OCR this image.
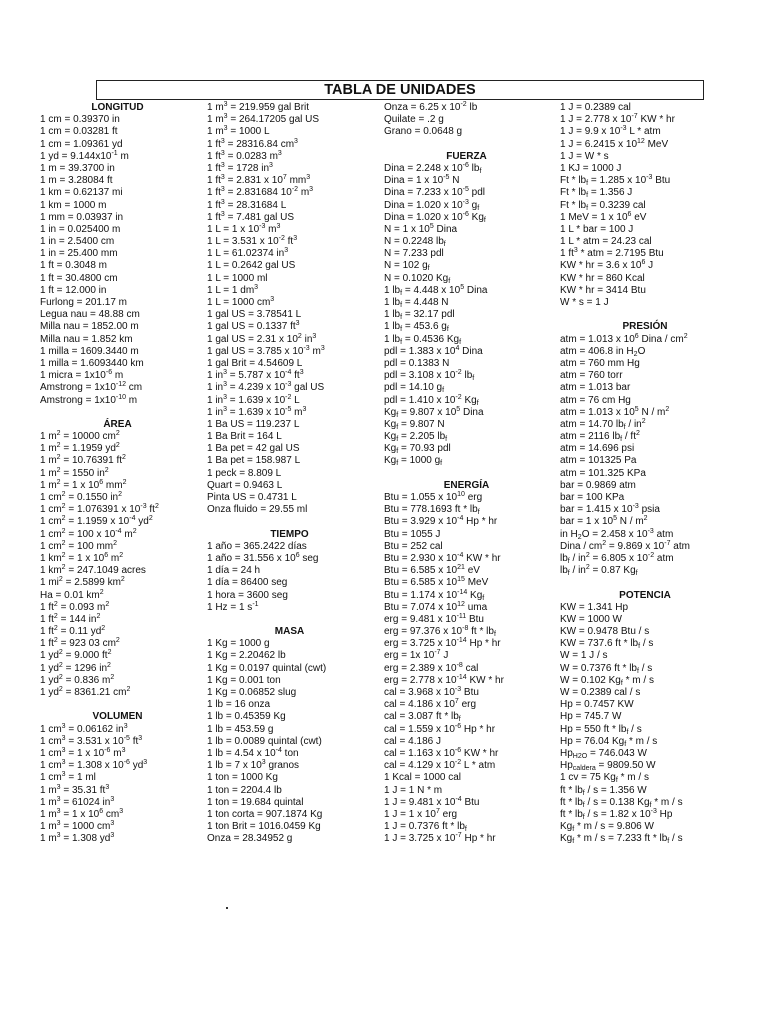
TABLA DE UNIDADES
LONGITUD
1 cm = 0.39370 in
1 cm = 0.03281 ft
1 cm = 1.09361 yd
1 yd = $9.144x10^{-1}$ m
1 m = 39.3700 in
1 m = 3.28084 ft
1 km = 0.62137 mi
1 km = 1000 m
1 mm = 0.03937 in
1 in = 0.025400 m
1 in = 2.5400 cm
1 in = 25.400 mm
1 ft = 0.3048 m
1 ft = 30.4800 cm
1 ft = 12.000 in
Furlong = 201.17 m
Legua nau = 48.88 cm
Milla nau = 1852.00 m
Milla nau = 1.852 km
1 milla = 1609.3440 m
1 milla = 1.6093440 km
1 micra = $1x10^{-6}$ m
Amstrong = $1x10^{-12}$ cm
Amstrong = $1x10^{-10}$ m
ÁREA
1 $m^2 = 10000$ $cm^2$
1 $m^2 = 1.1959$ $yd^2$
1 $m^2 = 10.76391$ $ft^2$
1 $m^2 = 1550$ $in^2$
1 $m^2 = 1$ x $10^6$ $mm^2$
1 $cm^2 = 0.1550$ $in^2$
1 $cm^2 = 1.076391$ x $10^{-3}$ $ft^2$
1 $cm^2 = 1.1959$ x $10^{-4}$ $yd^2$
1 $cm^2 = 100$ x $10^{-4}$ $m^2$
1 $cm^2 = 100$ $mm^2$
1 $km^2 = 1$ x $10^6$ $m^2$
1 $km^2 = 247.1049$ acres
1 $mi^2 = 2.5899$ $km^2$
Ha = 0.01 $km^2$
1 $ft^2 = 0.093$ $m^2$
1 $ft^2 = 144$ $in^2$
1 $ft^2 = 0.11$ $yd^2$
1 $ft^2 = 923$ 03 $cm^2$
1 $yd^2 = 9.000$ $ft^2$
1 $yd^2 = 1296$ $in^2$
1 $yd^2 = 0.836$ $m^2$
1 $yd^2 = 8361.21$ $cm^2$
VOLUMEN
1 $cm^3 = 0.06162$ $in^3$
1 $cm^3 = 3.531$ x $10^{-5}$ $ft^3$
1 $cm^3 = 1$ x $10^{-6}$ $m^3$
1 $cm^3 = 1.308$ x $10^{-6}$ $yd^3$
1 $cm^3 = 1$ ml
1 $m^3 = 35.31$ $ft^3$
1 $m^3 = 61024$ $in^3$
1 $m^3 = 1$ x $10^6$ $cm^3$
1 $m^3 = 1000$ $cm^3$
1 $m^3 = 1.308$ $yd^3$
1 $m^3 = 219.959$ gal Brit
1 $m^3 = 264.17205$ gal US
1 $m^3 = 1000$ L
1 $ft^3 = 28316.84$ $cm^3$
1 $ft^3 = 0.0283$ $m^3$
1 $ft^3 = 1728$ $in^3$
1 $ft^3 = 2.831$ x $10^7$ $mm^3$
1 $ft^3 = 2.831684$ $10^{-2}$ $m^3$
1 $ft^3 = 28.31684$ L
1 $ft^3 = 7.481$ gal US
1 L = 1 x $10^{-3}$ $m^3$
1 L = 3.531 x $10^{-2}$ $ft^3$
1 L = 61.02374 $in^3$
1 L = 0.2642 gal US
1 L = 1000 ml
1 L = 1 $dm^3$
1 L = 1000 $cm^3$
1 gal US = 3.78541 L
1 gal US = 0.1337 $ft^3$
1 gal US = 2.31 x $10^2$ $in^3$
1 gal US = 3.785 x $10^{-3}$ $m^3$
1 gal Brit = 4.54609 L
1 $in^3 = 5.787$ x $10^{-4}$ $ft^3$
1 $in^3 = 4.239$ x $10^{-3}$ gal US
1 $in^3 = 1.639$ x $10^{-2}$ L
1 $in^3 = 1.639$ x $10^{-5}$ $m^3$
1 Ba US = 119.237 L
1 Ba Brit = 164 L
1 Ba pet = 42 gal US
1 Ba pet = 158.987 L
1 peck = 8.809 L
Quart = 0.9463 L
Pinta US = 0.4731 L
Onza fluido = 29.55 ml
TIEMPO
1 año = 365.2422 días
1 año = 31.556 x $10^6$ seg
1 día = 24 h
1 día = 86400 seg
1 hora = 3600 seg
1 Hz = 1 $s^{-1}$
MASA
1 Kg = 1000 g
1 Kg = 2.20462 lb
1 Kg = 0.0197 quintal (cwt)
1 Kg = 0.001 ton
1 Kg = 0.06852 slug
1 lb = 16 onza
1 lb = 0.45359 Kg
1 lb = 453.59 g
1 lb = 0.0089 quintal (cwt)
1 lb = 4.54 x $10^{-4}$ ton
1 lb = 7 x $10^3$ granos
1 ton = 1000 Kg
1 ton = 2204.4 lb
1 ton = 19.684 quintal
1 ton corta = 907.1874 Kg
1 ton Brit = 1016.0459 Kg
Onza = 28.34952 g
Onza = 6.25 x $10^{-2}$ lb
Quilate = .2 g
Grano = 0.0648 g
FUERZA
Dina = 2.248 x $10^{-6}$ $lb_f$
Dina = 1 x $10^{-5}$ N
Dina = 7.233 x $10^{-5}$ pdl
Dina = 1.020 x $10^{-3}$ $g_f$
Dina = 1.020 x $10^{-6}$ $Kg_f$
N = 1 x $10^5$ Dina
N = 0.2248 $lb_f$
N = 7.233 pdl
N = 102 $g_f$
N = 0.1020 $Kg_f$
1 $lb_f = 4.448$ x $10^5$ Dina
1 $lb_f = 4.448$ N
1 $lb_f = 32.17$ pdl
1 $lb_f = 453.6$ $g_f$
1 $lb_f = 0.4536$ $Kg_f$
pdl = 1.383 x $10^4$ Dina
pdl = 0.1383 N
pdl = 3.108 x $10^{-2}$ $lb_f$
pdl = 14.10 $g_f$
pdl = 1.410 x $10^{-2}$ $Kg_f$
$Kg_f = 9.807$ x $10^5$ Dina
$Kg_f = 9.807$ N
$Kg_f = 2.205$ $lb_f$
$Kg_f = 70.93$ pdl
$Kg_f = 1000$ $g_f$
ENERGÍA
Btu = 1.055 x $10^{10}$ erg
Btu = 778.1693 ft * $lb_f$
Btu = 3.929 x $10^{-4}$ Hp * hr
Btu = 1055 J
Btu = 252 cal
Btu = 2.930 x $10^{-4}$ KW * hr
Btu = 6.585 x $10^{21}$ eV
Btu = 6.585 x $10^{15}$ MeV
Btu = 1.174 x $10^{-14}$ $Kg_f$
Btu = 7.074 x $10^{12}$ uma
erg = 9.481 x $10^{-11}$ Btu
erg = 97.376 x $10^{-8}$ ft * $lb_f$
erg = 3.725 x $10^{-14}$ Hp * hr
erg = 1x $10^{-7}$ J
erg = 2.389 x $10^{-8}$ cal
erg = 2.778 x $10^{-14}$ KW * hr
cal = 3.968 x $10^{-3}$ Btu
cal = 4.186 x $10^7$ erg
cal = 3.087 ft * $lb_f$
cal = 1.559 x $10^{-6}$ Hp * hr
cal = 4.186 J
cal = 1.163 x $10^{-6}$ KW * hr
cal = 4.129 x $10^{-2}$ L * atm
1 Kcal = 1000 cal
1 J = 1 N * m
1 J = 9.481 x $10^{-4}$ Btu
1 J = 1 x $10^7$ erg
1 J = 0.7376 ft * $lb_f$
1 J = 3.725 x $10^{-7}$ Hp * hr
1 J = 0.2389 cal
1 J = 2.778 x $10^{-7}$ KW * hr
1 J = 9.9 x $10^{-3}$ L * atm
1 J = 6.2415 x $10^{12}$ MeV
1 J = W * s
1 KJ = 1000 J
$Ft * lb_f = 1.285$ x $10^{-3}$ Btu
$Ft * lb_f = 1.356$ J
$Ft * lb_f = 0.3239$ cal
1 MeV = 1 x $10^6$ eV
1 L * bar = 100 J
1 L * atm = 24.23 cal
1 $ft^3$ * atm = 2.7195 Btu
KW * hr = 3.6 x $10^6$ J
KW * hr = 860 Kcal
KW * hr = 3414 Btu
W * s = 1 J
PRESIÓN
atm = 1.013 x $10^6$ Dina / $cm^2$
atm = 406.8 in $H_2O$
atm = 760 mm Hg
atm = 760 torr
atm = 1.013 bar
atm = 76 cm Hg
atm = 1.013 x $10^5$ N / $m^2$
atm = 14.70 $lb_f / in^2$
atm = 2116 $lb_f / ft^2$
atm = 14.696 psi
atm = 101325 Pa
atm = 101.325 KPa
bar = 0.9869 atm
bar = 100 KPa
bar = 1.415 x $10^{-3}$ psia
bar = 1 x $10^5$ N / $m^2$
in $H_2O = 2.458$ x $10^{-3}$ atm
Dina / $cm^2 = 9.869$ x $10^{-7}$ atm
$lb_f / in^2 = 6.805$ x $10^{-2}$ atm
$lb_f / in^2 = 0.87$ $Kg_f$
POTENCIA
KW = 1.341 Hp
KW = 1000 W
KW = 0.9478 Btu / s
KW = 737.6 ft * $lb_f$ / s
W = 1 J / s
W = 0.7376 ft * $lb_f$ / s
W = 0.102 $Kg_f$ * m / s
W = 0.2389 cal / s
Hp = 0.7457 KW
Hp = 745.7 W
Hp = 550 ft * $lb_f$ / s
Hp = 76.04 $Kg_f$ * m / s
$Hp_{H2O} = 746.043$ W
$Hp_{caldera} = 9809.50$ W
1 cv = 75 $Kg_f$ * m / s
ft * $lb_f / s = 1.356$ W
ft * $lb_f / s = 0.138$ $Kg_f$ * m / s
ft * $lb_f / s = 1.82$ x $10^{-3}$ Hp
$Kg_f * m / s = 9.806$ W
$Kg_f * m / s = 7.233$ ft * $lb_f$ / s
